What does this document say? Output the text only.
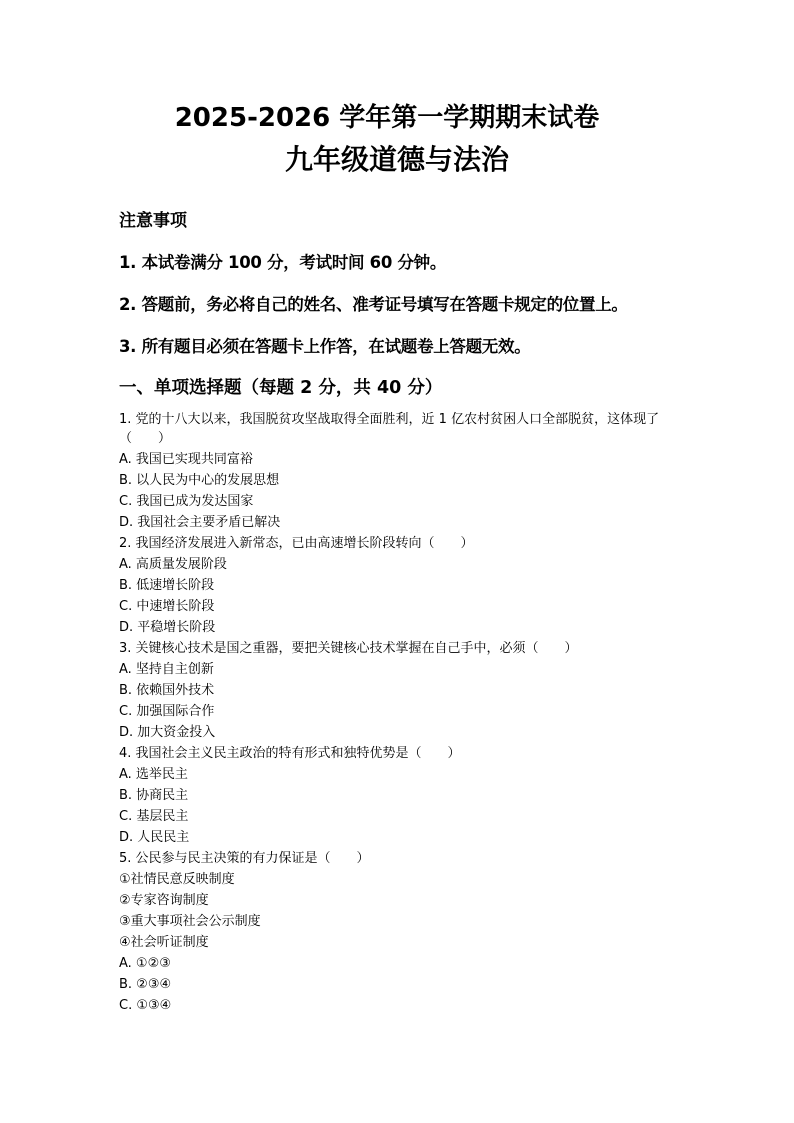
2025-2026 学年第一学期期末试卷
九年级道德与法治
注意事项
1. 本试卷满分 100 分，考试时间 60 分钟。
2. 答题前，务必将自己的姓名、准考证号填写在答题卡规定的位置上。
3. 所有题目必须在答题卡上作答，在试题卷上答题无效。
一、单项选择题（每题 2 分，共 40 分）
1. 党的十八大以来，我国脱贫攻坚战取得全面胜利，近 1 亿农村贫困人口全部脱贫，这体现了（　　）
A. 我国已实现共同富裕
B. 以人民为中心的发展思想
C. 我国已成为发达国家
D. 我国社会主要矛盾已解决
2. 我国经济发展进入新常态，已由高速增长阶段转向（　　）
A. 高质量发展阶段
B. 低速增长阶段
C. 中速增长阶段
D. 平稳增长阶段
3. 关键核心技术是国之重器，要把关键核心技术掌握在自己手中，必须（　　）
A. 坚持自主创新
B. 依赖国外技术
C. 加强国际合作
D. 加大资金投入
4. 我国社会主义民主政治的特有形式和独特优势是（　　）
A. 选举民主
B. 协商民主
C. 基层民主
D. 人民民主
5. 公民参与民主决策的有力保证是（　　）
①社情民意反映制度
②专家咨询制度
③重大事项社会公示制度
④社会听证制度
A. ①②③
B. ②③④
C. ①③④
